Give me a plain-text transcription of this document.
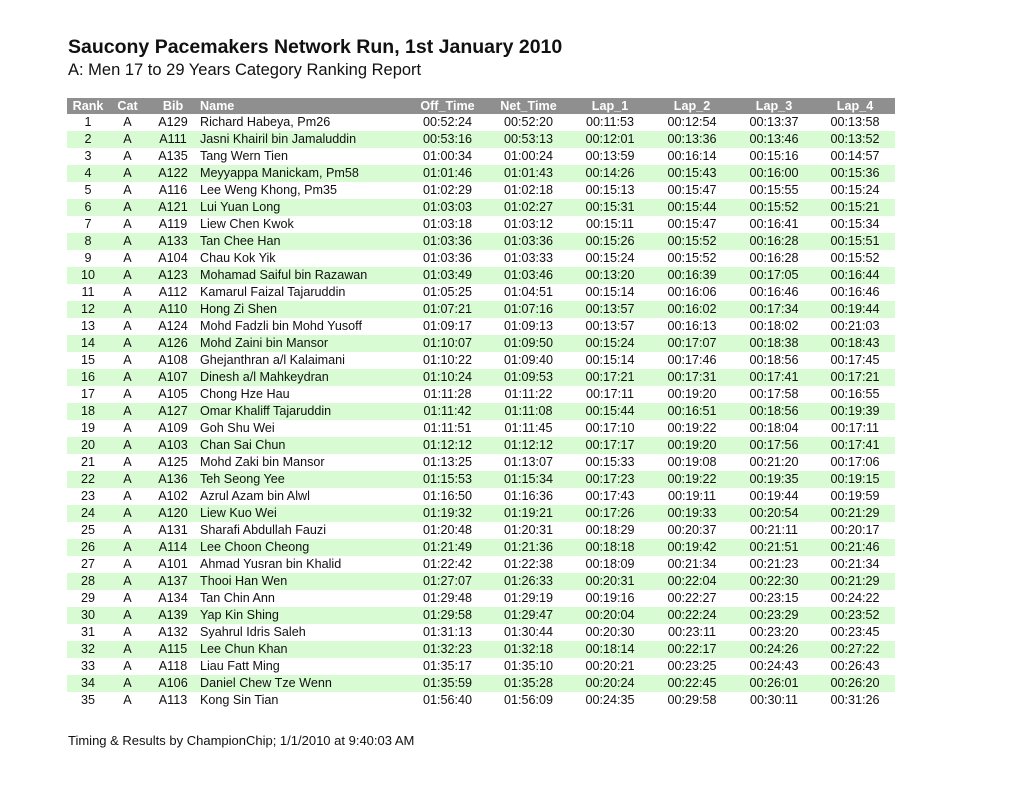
Saucony Pacemakers Network Run, 1st January 2010
A: Men 17 to 29 Years Category Ranking Report
Rank	Cat	Bib	Name	Off_Time	Net_Time	Lap_1	Lap_2	Lap_3	Lap_4
1	A	A129	Richard Habeya, Pm26	00:52:24	00:52:20	00:11:53	00:12:54	00:13:37	00:13:58
2	A	A111	Jasni Khairil bin Jamaluddin	00:53:16	00:53:13	00:12:01	00:13:36	00:13:46	00:13:52
3	A	A135	Tang Wern Tien	01:00:34	01:00:24	00:13:59	00:16:14	00:15:16	00:14:57
4	A	A122	Meyyappa Manickam, Pm58	01:01:46	01:01:43	00:14:26	00:15:43	00:16:00	00:15:36
5	A	A116	Lee Weng Khong, Pm35	01:02:29	01:02:18	00:15:13	00:15:47	00:15:55	00:15:24
6	A	A121	Lui Yuan Long	01:03:03	01:02:27	00:15:31	00:15:44	00:15:52	00:15:21
7	A	A119	Liew Chen Kwok	01:03:18	01:03:12	00:15:11	00:15:47	00:16:41	00:15:34
8	A	A133	Tan Chee Han	01:03:36	01:03:36	00:15:26	00:15:52	00:16:28	00:15:51
9	A	A104	Chau Kok Yik	01:03:36	01:03:33	00:15:24	00:15:52	00:16:28	00:15:52
10	A	A123	Mohamad Saiful bin Razawan	01:03:49	01:03:46	00:13:20	00:16:39	00:17:05	00:16:44
11	A	A112	Kamarul Faizal Tajaruddin	01:05:25	01:04:51	00:15:14	00:16:06	00:16:46	00:16:46
12	A	A110	Hong Zi Shen	01:07:21	01:07:16	00:13:57	00:16:02	00:17:34	00:19:44
13	A	A124	Mohd Fadzli bin Mohd Yusoff	01:09:17	01:09:13	00:13:57	00:16:13	00:18:02	00:21:03
14	A	A126	Mohd Zaini bin Mansor	01:10:07	01:09:50	00:15:24	00:17:07	00:18:38	00:18:43
15	A	A108	Ghejanthran a/l Kalaimani	01:10:22	01:09:40	00:15:14	00:17:46	00:18:56	00:17:45
16	A	A107	Dinesh a/l Mahkeydran	01:10:24	01:09:53	00:17:21	00:17:31	00:17:41	00:17:21
17	A	A105	Chong Hze Hau	01:11:28	01:11:22	00:17:11	00:19:20	00:17:58	00:16:55
18	A	A127	Omar Khaliff Tajaruddin	01:11:42	01:11:08	00:15:44	00:16:51	00:18:56	00:19:39
19	A	A109	Goh Shu Wei	01:11:51	01:11:45	00:17:10	00:19:22	00:18:04	00:17:11
20	A	A103	Chan Sai Chun	01:12:12	01:12:12	00:17:17	00:19:20	00:17:56	00:17:41
21	A	A125	Mohd Zaki bin Mansor	01:13:25	01:13:07	00:15:33	00:19:08	00:21:20	00:17:06
22	A	A136	Teh Seong Yee	01:15:53	01:15:34	00:17:23	00:19:22	00:19:35	00:19:15
23	A	A102	Azrul Azam bin Alwl	01:16:50	01:16:36	00:17:43	00:19:11	00:19:44	00:19:59
24	A	A120	Liew Kuo Wei	01:19:32	01:19:21	00:17:26	00:19:33	00:20:54	00:21:29
25	A	A131	Sharafi Abdullah Fauzi	01:20:48	01:20:31	00:18:29	00:20:37	00:21:11	00:20:17
26	A	A114	Lee Choon Cheong	01:21:49	01:21:36	00:18:18	00:19:42	00:21:51	00:21:46
27	A	A101	Ahmad Yusran bin Khalid	01:22:42	01:22:38	00:18:09	00:21:34	00:21:23	00:21:34
28	A	A137	Thooi Han Wen	01:27:07	01:26:33	00:20:31	00:22:04	00:22:30	00:21:29
29	A	A134	Tan Chin Ann	01:29:48	01:29:19	00:19:16	00:22:27	00:23:15	00:24:22
30	A	A139	Yap Kin Shing	01:29:58	01:29:47	00:20:04	00:22:24	00:23:29	00:23:52
31	A	A132	Syahrul Idris Saleh	01:31:13	01:30:44	00:20:30	00:23:11	00:23:20	00:23:45
32	A	A115	Lee Chun Khan	01:32:23	01:32:18	00:18:14	00:22:17	00:24:26	00:27:22
33	A	A118	Liau Fatt Ming	01:35:17	01:35:10	00:20:21	00:23:25	00:24:43	00:26:43
34	A	A106	Daniel Chew Tze Wenn	01:35:59	01:35:28	00:20:24	00:22:45	00:26:01	00:26:20
35	A	A113	Kong Sin Tian	01:56:40	01:56:09	00:24:35	00:29:58	00:30:11	00:31:26
Timing & Results by ChampionChip; 1/1/2010 at 9:40:03 AM
